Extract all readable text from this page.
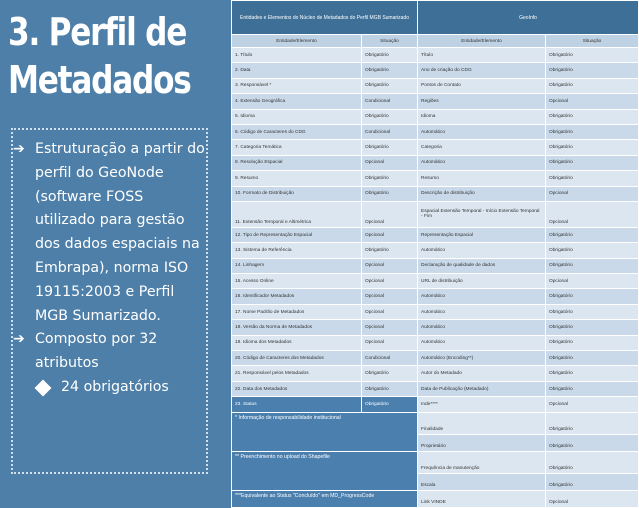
3. Perfil de
Metadados
➔ Estruturação a partir do perfil do GeoNode (software FOSS utilizado para gestão dos dados espaciais na Embrapa), norma ISO 19115:2003 e Perfil MGB Sumarizado.
➔ Composto por 32 atributos
24 obrigatórios
Entidades e Elementos do Núcleo de Metadados do Perfil MGB Sumarizado		GeoInfo	
Entidade/Elemento	Situação	Entidade/Elemento	Situação
1. Título	Obrigatório	Título	Obrigatório
2. Data	Obrigatório	Ano de criação do CDG	Obrigatório
3. Responsável *	Obrigatório	Pontos de Contato	Obrigatório
4. Extensão Geográfica	Condicional	Regiões	Opcional
5. Idioma	Obrigatório	Idioma	Obrigatório
6. Código de Caracteres do CDG	Condicional	Automático	Obrigatório
7. Categoria Temática	Obrigatório	Categoria	Obrigatório
8. Resolução Espacial	Opcional	Automático	Obrigatório
9. Resumo	Obrigatório	Resumo	Obrigatório
10. Formato de Distribuição	Obrigatório	Descrição de distribuição	Opcional
11. Extensão Temporal e Altimétrica	Opcional	Espacial Extensão Temporal - Início Extensão Temporal - Fim	Opcional
12. Tipo de Representação Espacial	Opcional	Representação Espacial	Obrigatório
13. Sistema de Referência	Obrigatório	Automático	Obrigatório
14. Linhagem	Opcional	Declaração de qualidade de dados	Obrigatório
15. Acesso Online	Opcional	URL de distribuição	Opcional
16. Identificador Metadados	Opcional	Automático	Obrigatório
17. Nome Padrão de Metadados	Opcional	Automático	Obrigatório
18. Versão da Norma de Metadados	Opcional	Automático	Obrigatório
19. Idioma dos Metadados	Opcional	Automático	Obrigatório
20. Código de Caracteres dos Metadados	Condicional	Automático (Encoding**)	Obrigatório
21. Responsável pelos Metadados	Obrigatório	Autor do Metadado	Obrigatório
22. Data dos Metadados	Obrigatório	Data de Publicação (Metadado)	Obrigatório
23. Status	Obrigatório	Inde****	Opcional
* Informação de responsabilidade institucional		Finalidade	Obrigatório
		Proprietário	Obrigatório
** Preenchimento no upload do Shapefile		Frequência de manutenção	Obrigatório
		Escala	Obrigatório
***Equivalente ao Status "Concluído" em MD_ProgressCode		Link VINDE	Opcional
